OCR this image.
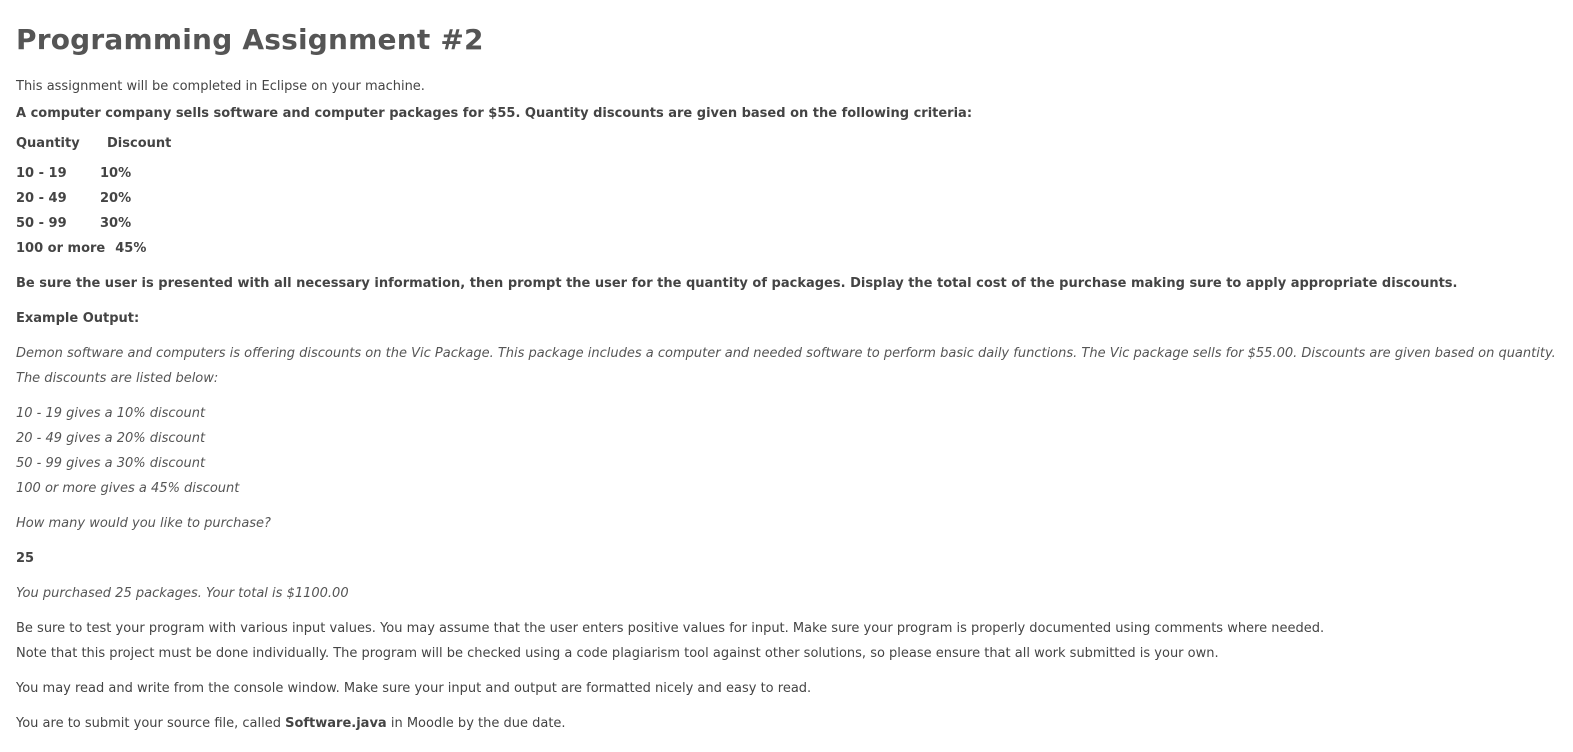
Programming Assignment #2

This assignment will be completed in Eclipse on your machine.

A computer company sells software and computer packages for $55. Quantity discounts are given based on the following criteria:

Quantity	Discount
10 - 19	10%
20 - 49	20%
50 - 99	30%
100 or more 45%

Be sure the user is presented with all necessary information, then prompt the user for the quantity of packages. Display the total cost of the purchase making sure to apply appropriate discounts.

Example Output:

Demon software and computers is offering discounts on the Vic Package. This package includes a computer and needed software to perform basic daily functions. The Vic package sells for $55.00. Discounts are given based on quantity. The discounts are listed below:

10 - 19 gives a 10% discount

20 - 49 gives a 20% discount

50 - 99 gives a 30% discount

100 or more gives a 45% discount

How many would you like to purchase?

25

You purchased 25 packages. Your total is $1100.00

Be sure to test your program with various input values. You may assume that the user enters positive values for input. Make sure your program is properly documented using comments where needed.

Note that this project must be done individually. The program will be checked using a code plagiarism tool against other solutions, so please ensure that all work submitted is your own.

You may read and write from the console window. Make sure your input and output are formatted nicely and easy to read.

You are to submit your source file, called Software.java in Moodle by the due date.
